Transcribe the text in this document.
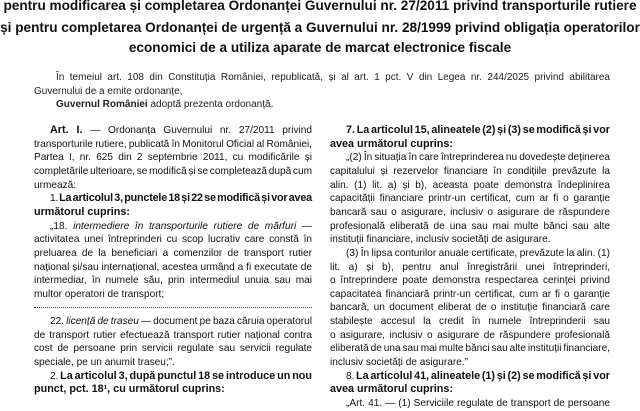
pentru modificarea și completarea Ordonanței Guvernului nr. 27/2011 privind transporturile rutiere
și pentru completarea Ordonanței de urgență a Guvernului nr. 28/1999 privind obligația operatorilor
economici de a utiliza aparate de marcat electronice fiscale
În temeiul art. 108 din Constituția României, republicată, și al art. 1 pct. V din Legea nr. 244/2025 privind abilitarea
Guvernului de a emite ordonanțe,
Guvernul României adoptă prezenta ordonanță.
Art. I. — Ordonanța Guvernului nr. 27/2011 privind
transporturile rutiere, publicată în Monitorul Oficial al României,
Partea I, nr. 625 din 2 septembrie 2011, cu modificările și
completările ulterioare, se modifică și se completează după cum
urmează:
1. La articolul 3, punctele 18 și 22 se modifică și vor avea
următorul cuprins:
„18. intermediere în transporturile rutiere de mărfuri —
activitatea unei întreprinderi cu scop lucrativ care constă în
preluarea de la beneficiari a comenzilor de transport rutier
național și/sau internațional, acestea urmând a fi executate de
intermediar, în numele său, prin intermediul unuia sau mai
multor operatori de transport;
22. licență de traseu — document pe baza căruia operatorul
de transport rutier efectuează transport rutier național contra
cost de persoane prin servicii regulate sau servicii regulate
speciale, pe un anumit traseu;”.
2. La articolul 3, după punctul 18 se introduce un nou
punct, pct. 18¹, cu următorul cuprins:
7. La articolul 15, alineatele (2) și (3) se modifică și vor
avea următorul cuprins:
„(2) În situația în care întreprinderea nu dovedește deținerea
capitalului și rezervelor financiare în condițiile prevăzute la
alin. (1) lit. a) și b), aceasta poate demonstra îndeplinirea
capacității financiare printr-un certificat, cum ar fi o garanție
bancară sau o asigurare, inclusiv o asigurare de răspundere
profesională eliberată de una sau mai multe bănci sau alte
instituții financiare, inclusiv societăți de asigurare.
(3) În lipsa conturilor anuale certificate, prevăzute la alin. (1)
lit. a) și b), pentru anul înregistrării unei întreprinderi,
o întreprindere poate demonstra respectarea cerinței privind
capacitatea financiară printr-un certificat, cum ar fi o garanție
bancară, un document eliberat de o instituție financiară care
stabilește accesul la credit în numele întreprinderii sau
o asigurare, inclusiv o asigurare de răspundere profesională
eliberată de una sau mai multe bănci sau alte instituții financiare,
inclusiv societăți de asigurare.”
8. La articolul 41, alineatele (1) și (2) se modifică și vor
avea următorul cuprins:
„Art. 41. — (1) Serviciile regulate de transport de persoane
